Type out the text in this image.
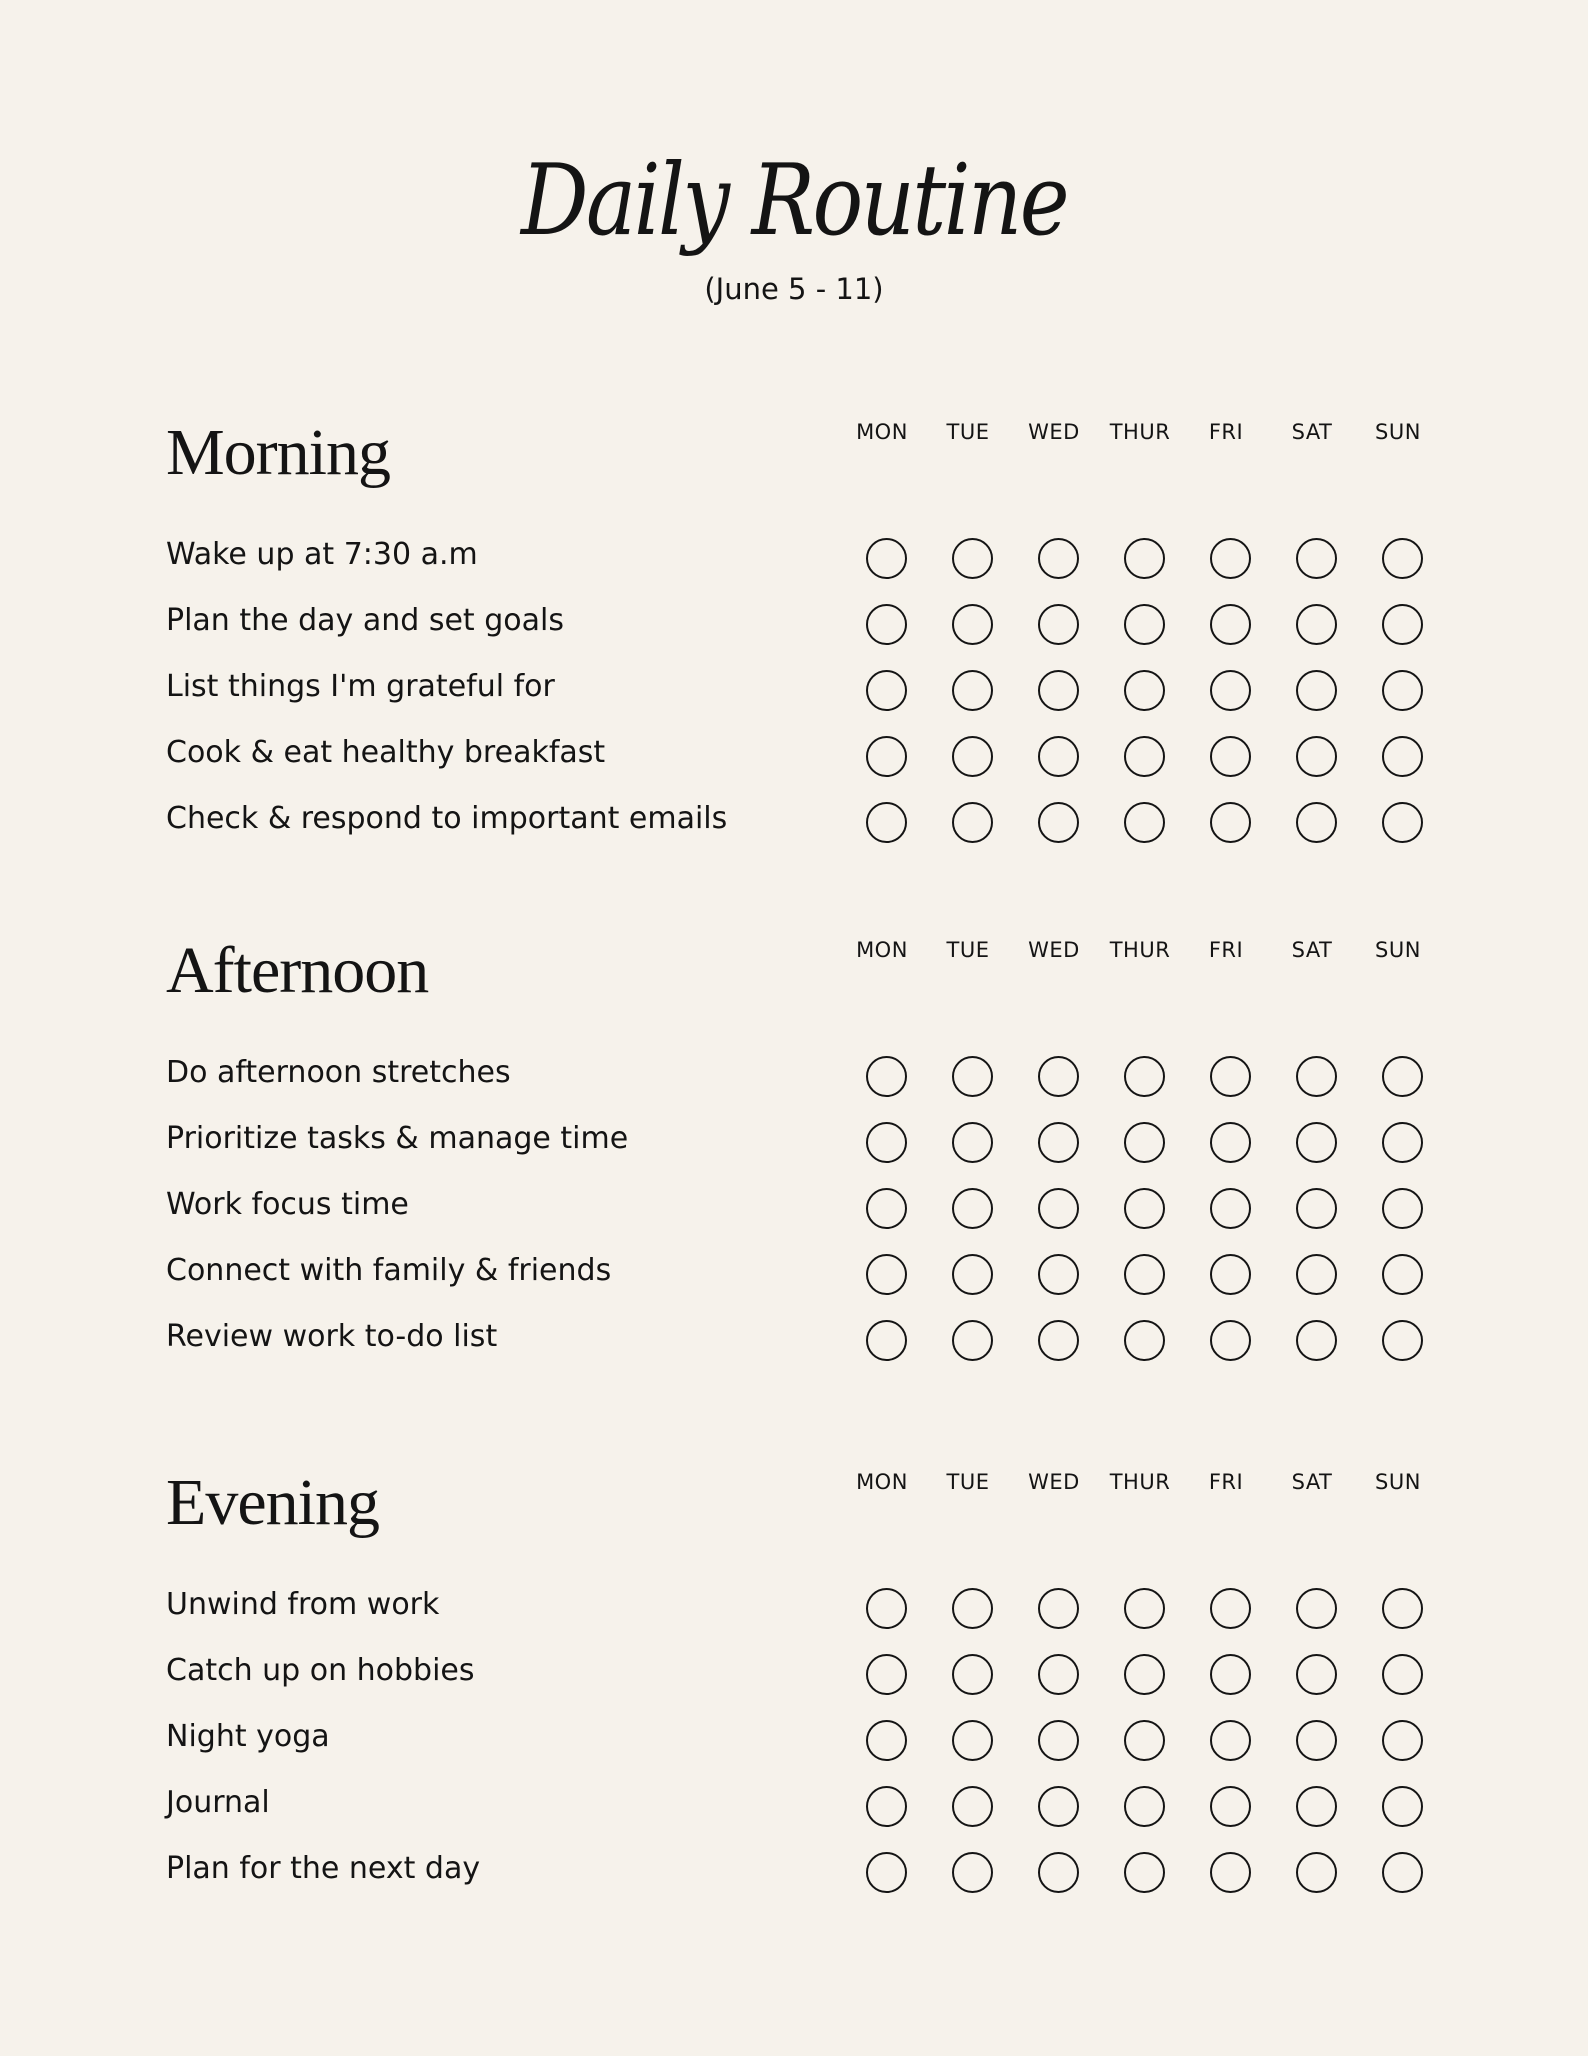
Daily Routine
(June 5 - 11)
Morning	MON	TUE	WED	THUR	FRI	SAT	SUN
Wake up at 7:30 a.m
Plan the day and set goals
List things I'm grateful for
Cook & eat healthy breakfast
Check & respond to important emails
Afternoon	MON	TUE	WED	THUR	FRI	SAT	SUN
Do afternoon stretches
Prioritize tasks & manage time
Work focus time
Connect with family & friends
Review work to-do list
Evening	MON	TUE	WED	THUR	FRI	SAT	SUN
Unwind from work
Catch up on hobbies
Night yoga
Journal
Plan for the next day
